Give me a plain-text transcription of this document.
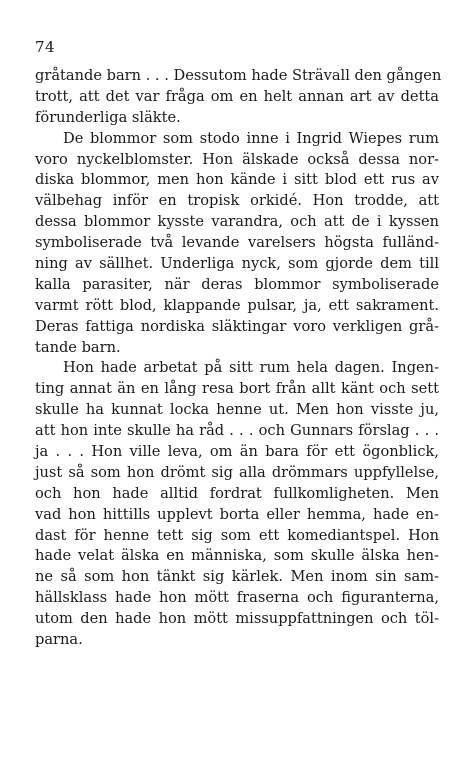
74
gråtande barn . . . Dessutom hade Strävall den gången
trott, att det var fråga om en helt annan art av detta
förunderliga släkte.
De blommor som stodo inne i Ingrid Wiepes rum
voro nyckelblomster. Hon älskade också dessa nor-
diska blommor, men hon kände i sitt blod ett rus av
välbehag inför en tropisk orkidé. Hon trodde, att
dessa blommor kysste varandra, och att de i kyssen
symboliserade två levande varelsers högsta fulländ-
ning av sällhet. Underliga nyck, som gjorde dem till
kalla parasiter, när deras blommor symboliserade
varmt rött blod, klappande pulsar, ja, ett sakrament.
Deras fattiga nordiska släktingar voro verkligen grå-
tande barn.
Hon hade arbetat på sitt rum hela dagen. Ingen-
ting annat än en lång resa bort från allt känt och sett
skulle ha kunnat locka henne ut. Men hon visste ju,
att hon inte skulle ha råd . . . och Gunnars förslag . . .
ja . . . Hon ville leva, om än bara för ett ögonblick,
just så som hon drömt sig alla drömmars uppfyllelse,
och hon hade alltid fordrat fullkomligheten. Men
vad hon hittills upplevt borta eller hemma, hade en-
dast för henne tett sig som ett komediantspel. Hon
hade velat älska en människa, som skulle älska hen-
ne så som hon tänkt sig kärlek. Men inom sin sam-
hällsklass hade hon mött fraserna och figuranterna,
utom den hade hon mött missuppfattningen och töl-
parna.
